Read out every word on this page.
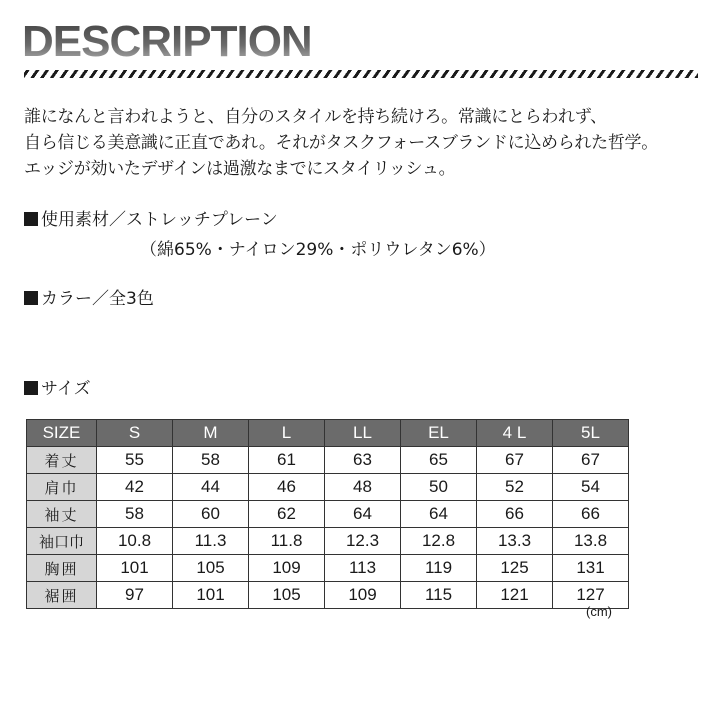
DESCRIPTION
誰になんと言われようと、自分のスタイルを持ち続けろ。常識にとらわれず、
自ら信じる美意識に正直であれ。それがタスクフォースブランドに込められた哲学。
エッジが効いたデザインは過激なまでにスタイリッシュ。
使用素材／ストレッチプレーン
（綿65%・ナイロン29%・ポリウレタン6%）
カラー／全3色
サイズ
SIZE	S	M	L	LL	EL	4 L	5L
着丈	55	58	61	63	65	67	67
肩巾	42	44	46	48	50	52	54
袖丈	58	60	62	64	64	66	66
袖口巾	10.8	11.3	11.8	12.3	12.8	13.3	13.8
胸囲	101	105	109	113	119	125	131
裾囲	97	101	105	109	115	121	127
(cm)
